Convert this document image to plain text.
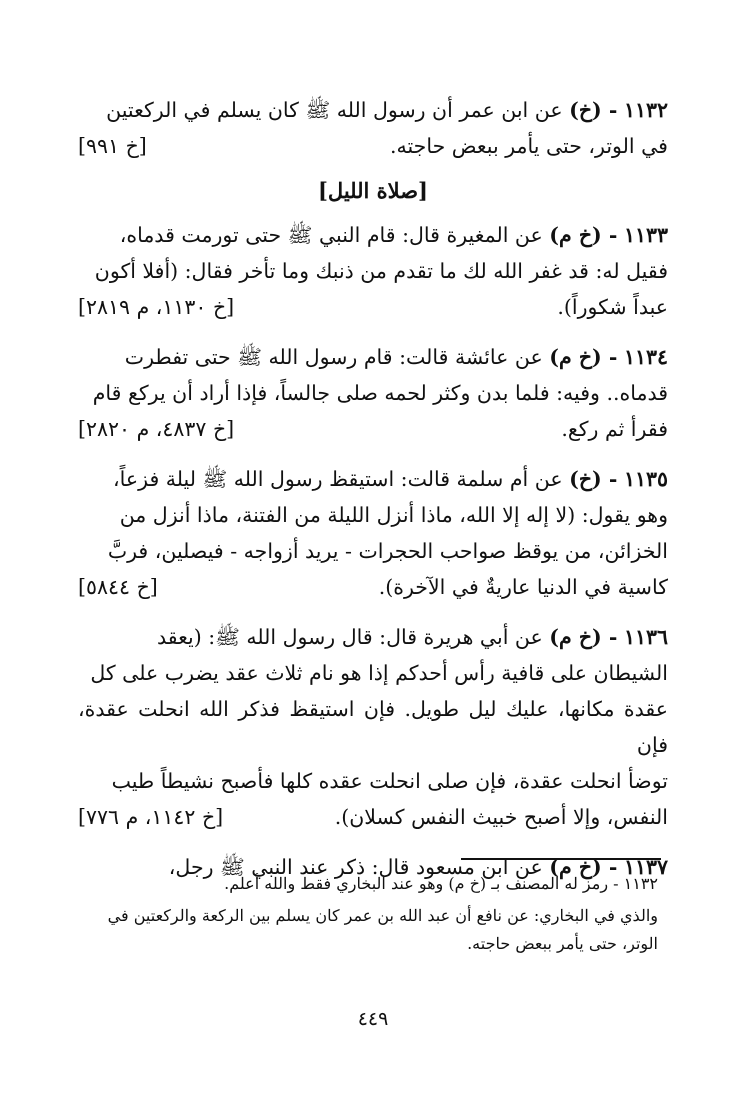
١١٣٢ - (خ) عن ابن عمر أن رسول الله ﷺ كان يسلم في الركعتين
في الوتر، حتى يأمر ببعض حاجته.
[خ ٩٩١]
[صلاة الليل]
١١٣٣ - (خ م) عن المغيرة قال: قام النبي ﷺ حتى تورمت قدماه،
فقيل له: قد غفر الله لك ما تقدم من ذنبك وما تأخر فقال: (أفلا أكون
عبداً شكوراً).
[خ ١١٣٠، م ٢٨١٩]
١١٣٤ - (خ م) عن عائشة قالت: قام رسول الله ﷺ حتى تفطرت
قدماه.. وفيه: فلما بدن وكثر لحمه صلى جالساً، فإذا أراد أن يركع قام
فقرأ ثم ركع.
[خ ٤٨٣٧، م ٢٨٢٠]
١١٣٥ - (خ) عن أم سلمة قالت: استيقظ رسول الله ﷺ ليلة فزعاً،
وهو يقول: (لا إله إلا الله، ماذا أنزل الليلة من الفتنة، ماذا أنزل من
الخزائن، من يوقظ صواحب الحجرات - يريد أزواجه - فيصلين، فربَّ
كاسية في الدنيا عاريةٌ في الآخرة).
[خ ٥٨٤٤]
١١٣٦ - (خ م) عن أبي هريرة قال: قال رسول الله ﷺ: (يعقد
الشيطان على قافية رأس أحدكم إذا هو نام ثلاث عقد يضرب على كل
عقدة مكانها، عليك ليل طويل. فإن استيقظ فذكر الله انحلت عقدة، فإن
توضأ انحلت عقدة، فإن صلى انحلت عقده كلها فأصبح نشيطاً طيب
النفس، وإلا أصبح خبيث النفس كسلان).
[خ ١١٤٢، م ٧٧٦]
١١٣٧ - (خ م) عن ابن مسعود قال: ذكر عند النبي ﷺ رجل،

١١٣٢ - رمز له المصنف بـ (خ م) وهو عند البخاري فقط والله أعلم.

والذي في البخاري: عن نافع أن عبد الله بن عمر كان يسلم بين الركعة والركعتين في الوتر، حتى يأمر ببعض حاجته.

٤٤٩
